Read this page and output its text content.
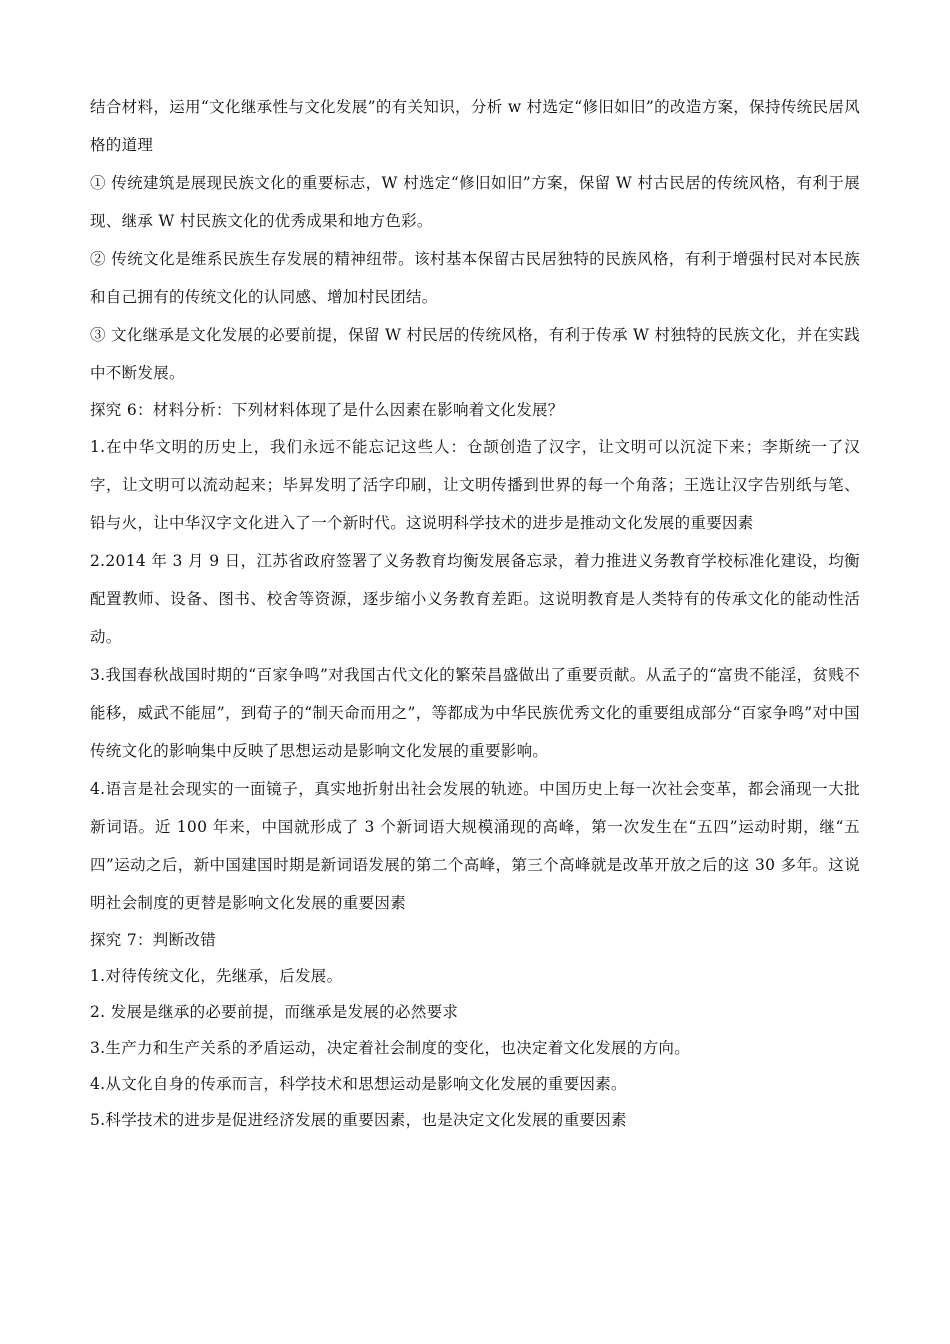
结合材料，运用“文化继承性与文化发展”的有关知识，分析 w 村选定“修旧如旧”的改造方案，保持传统民居风格的道理

① 传统建筑是展现民族文化的重要标志，W 村选定“修旧如旧”方案，保留 W 村古民居的传统风格，有利于展现、继承 W 村民族文化的优秀成果和地方色彩。

② 传统文化是维系民族生存发展的精神纽带。该村基本保留古民居独特的民族风格，有利于增强村民对本民族和自己拥有的传统文化的认同感、增加村民团结。

③ 文化继承是文化发展的必要前提，保留 W 村民居的传统风格，有利于传承 W 村独特的民族文化，并在实践中不断发展。

探究 6：材料分析：下列材料体现了是什么因素在影响着文化发展？

1.在中华文明的历史上，我们永远不能忘记这些人：仓颉创造了汉字，让文明可以沉淀下来；李斯统一了汉字，让文明可以流动起来；毕昇发明了活字印刷，让文明传播到世界的每一个角落；王选让汉字告别纸与笔、铅与火，让中华汉字文化进入了一个新时代。这说明科学技术的进步是推动文化发展的重要因素

2.2014 年 3 月 9 日，江苏省政府签署了义务教育均衡发展备忘录，着力推进义务教育学校标准化建设，均衡配置教师、设备、图书、校舍等资源，逐步缩小义务教育差距。这说明教育是人类特有的传承文化的能动性活动。

3.我国春秋战国时期的“百家争鸣”对我国古代文化的繁荣昌盛做出了重要贡献。从孟子的“富贵不能淫，贫贱不能移，威武不能屈”，到荀子的“制天命而用之”，等都成为中华民族优秀文化的重要组成部分“百家争鸣”对中国传统文化的影响集中反映了思想运动是影响文化发展的重要影响。

4.语言是社会现实的一面镜子，真实地折射出社会发展的轨迹。中国历史上每一次社会变革，都会涌现一大批新词语。近 100 年来，中国就形成了 3 个新词语大规模涌现的高峰，第一次发生在“五四”运动时期，继“五四”运动之后，新中国建国时期是新词语发展的第二个高峰，第三个高峰就是改革开放之后的这 30 多年。这说明社会制度的更替是影响文化发展的重要因素

探究 7：判断改错

1.对待传统文化，先继承，后发展。

2. 发展是继承的必要前提，而继承是发展的必然要求

3.生产力和生产关系的矛盾运动，决定着社会制度的变化，也决定着文化发展的方向。

4.从文化自身的传承而言，科学技术和思想运动是影响文化发展的重要因素。

5.科学技术的进步是促进经济发展的重要因素，也是决定文化发展的重要因素
